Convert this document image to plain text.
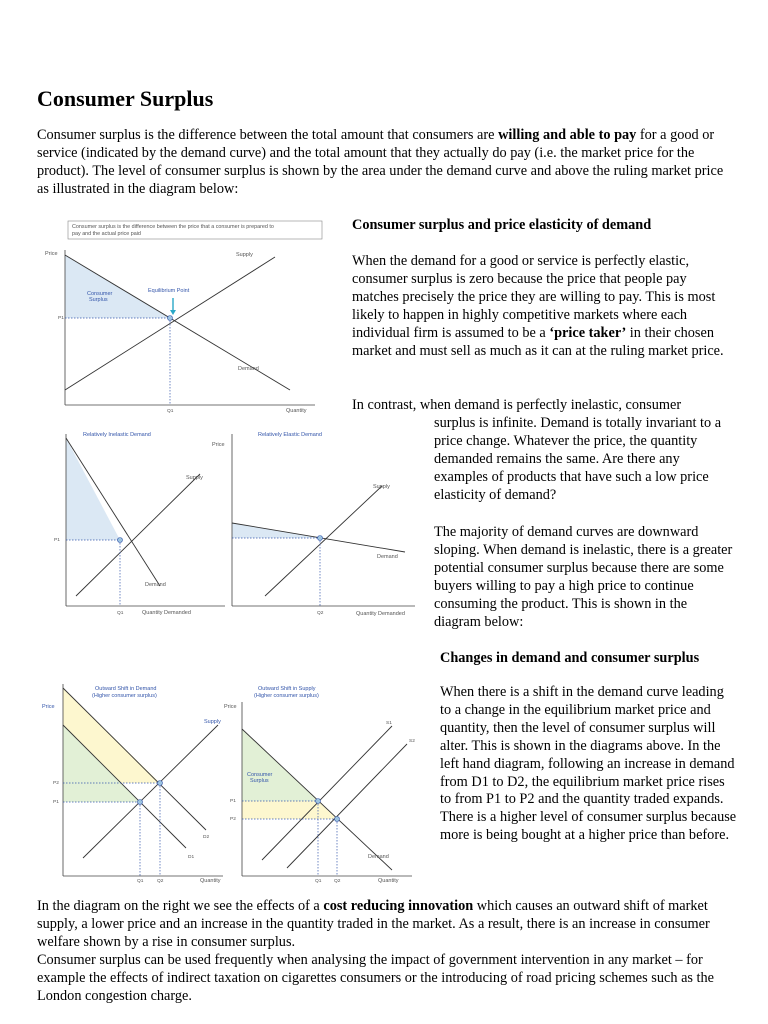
Consumer Surplus
Consumer surplus is the difference between the total amount that consumers are willing and able to pay for a good or service (indicated by the demand curve) and the total amount that they actually do pay (i.e. the market price for the product). The level of consumer surplus is shown by the area under the demand curve and above the ruling market price as illustrated in the diagram below:
Consumer surplus and price elasticity of demand
When the demand for a good or service is perfectly elastic, consumer surplus is zero because the price that people pay matches precisely the price they are willing to pay. This is most likely to happen in highly competitive markets where each individual firm is assumed to be a ‘price taker’ in their chosen market and must sell as much as it can at the ruling market price.
In contrast, when demand is perfectly inelastic, consumer
surplus is infinite. Demand is totally invariant to a price change. Whatever the price, the quantity demanded remains the same. Are there any examples of products that have such a low price elasticity of demand?
The majority of demand curves are downward sloping. When demand is inelastic, there is a greater potential consumer surplus because there are some buyers willing to pay a high price to continue consuming the product. This is shown in the diagram below:
Changes in demand and consumer surplus
When there is a shift in the demand curve leading to a change in the equilibrium market price and quantity, then the level of consumer surplus will alter. This is shown in the diagrams above. In the left hand diagram, following an increase in demand from D1 to D2, the equilibrium market price rises to from P1 to P2 and the quantity traded expands. There is a higher level of consumer surplus because more is being bought at a higher price than before.
In the diagram on the right we see the effects of a cost reducing innovation which causes an outward shift of market supply, a lower price and an increase in the quantity traded in the market. As a result, there is an increase in consumer welfare shown by a rise in consumer surplus.
Consumer surplus can be used frequently when analysing the impact of government intervention in any market – for example the effects of indirect taxation on cigarettes consumers or the introducing of road pricing schemes such as the London congestion charge.
Consumer surplus is the difference between the price that a consumer is prepared to pay and the actual price paid
Price	Supply
Consumer
Surplus
Equilibrium Point
P1
Demand
Q1	Quantity
Relatively Inelastic Demand
Supply
P1
Demand
Q1	Quantity Demanded
Relatively Elastic Demand
Price
Supply
Demand
Q2	Quantity Demanded
Outward Shift in Demand
(Higher consumer surplus)
Price
Supply
P2
P1
D2
D1
Q1	Q2	Quantity
Outward Shift in Supply
(Higher consumer surplus)
Price
S1
S2
Consumer
Surplus
P1
P2
Demand
Q1	Q2	Quantity
